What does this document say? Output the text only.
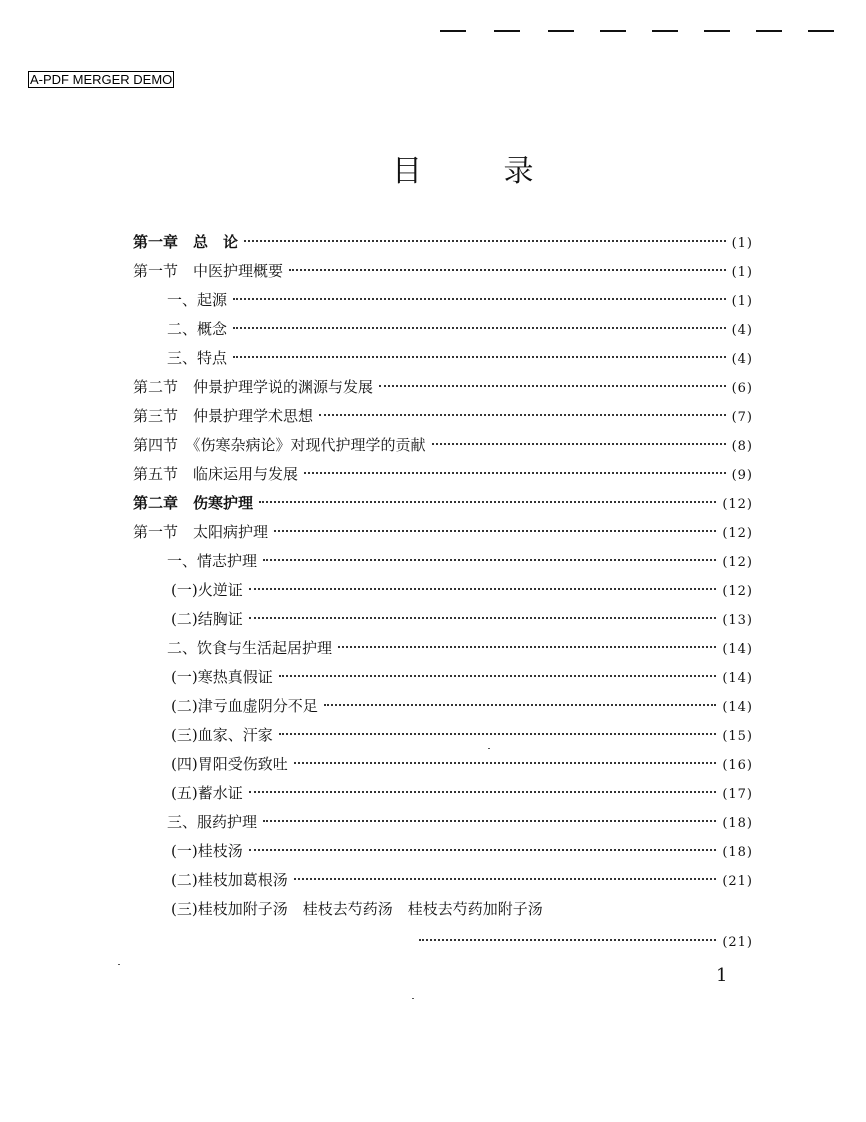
A-PDF MERGER DEMO
目 录
第一章　总　论	(1)
第一节　中医护理概要	(1)
一、起源	(1)
二、概念	(4)
三、特点	(4)
第二节　仲景护理学说的渊源与发展	(6)
第三节　仲景护理学术思想	(7)
第四节　《伤寒杂病论》对现代护理学的贡献	(8)
第五节　临床运用与发展	(9)
第二章　伤寒护理	(12)
第一节　太阳病护理	(12)
一、情志护理	(12)
(一)火逆证	(12)
(二)结胸证	(13)
二、饮食与生活起居护理	(14)
(一)寒热真假证	(14)
(二)津亏血虚阴分不足	(14)
(三)血家、汗家	(15)
(四)胃阳受伤致吐	(16)
(五)蓄水证	(17)
三、服药护理	(18)
(一)桂枝汤	(18)
(二)桂枝加葛根汤	(21)
(三)桂枝加附子汤　桂枝去芍药汤　桂枝去芍药加附子汤
(21)
1
